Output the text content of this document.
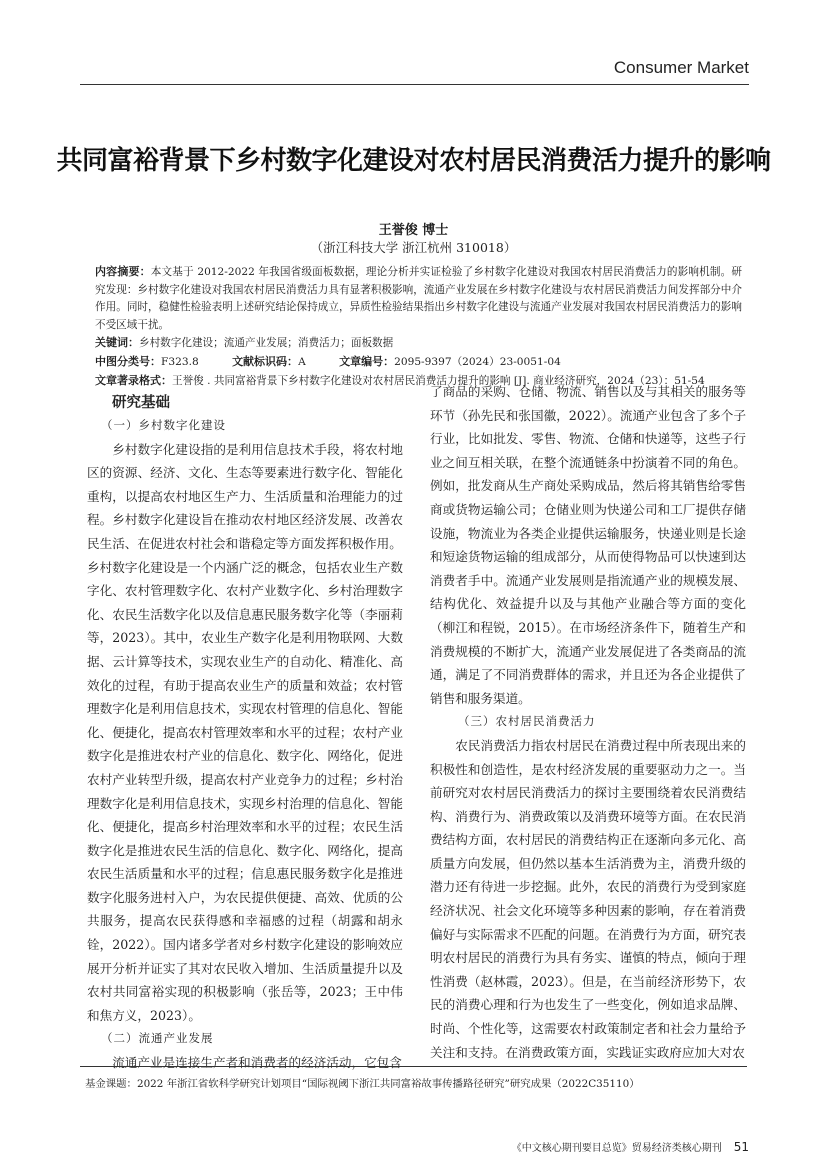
Consumer Market
共同富裕背景下乡村数字化建设对农村居民消费活力提升的影响
王誉俊 博士
（浙江科技大学 浙江杭州 310018）
内容摘要：本文基于 2012-2022 年我国省级面板数据，理论分析并实证检验了乡村数字化建设对我国农村居民消费活力的影响机制。研究发现：乡村数字化建设对我国农村居民消费活力具有显著积极影响，流通产业发展在乡村数字化建设与农村居民消费活力间发挥部分中介作用。同时，稳健性检验表明上述研究结论保持成立，异质性检验结果指出乡村数字化建设与流通产业发展对我国农村居民消费活力的影响不受区域干扰。
关键词：乡村数字化建设；流通产业发展；消费活力；面板数据
中图分类号：F323.8	文献标识码：A	文章编号：2095-9397（2024）23-0051-04
文章著录格式：王誉俊 . 共同富裕背景下乡村数字化建设对农村居民消费活力提升的影响 [J]. 商业经济研究，2024（23）：51-54
研究基础
（一）乡村数字化建设

乡村数字化建设指的是利用信息技术手段，将农村地区的资源、经济、文化、生态等要素进行数字化、智能化重构，以提高农村地区生产力、生活质量和治理能力的过程。乡村数字化建设旨在推动农村地区经济发展、改善农民生活、在促进农村社会和谐稳定等方面发挥积极作用。

乡村数字化建设是一个内涵广泛的概念，包括农业生产数字化、农村管理数字化、农村产业数字化、乡村治理数字化、农民生活数字化以及信息惠民服务数字化等（李丽莉等，2023）。其中，农业生产数字化是利用物联网、大数据、云计算等技术，实现农业生产的自动化、精准化、高效化的过程，有助于提高农业生产的质量和效益；农村管理数字化是利用信息技术，实现农村管理的信息化、智能化、便捷化，提高农村管理效率和水平的过程；农村产业数字化是推进农村产业的信息化、数字化、网络化，促进农村产业转型升级，提高农村产业竞争力的过程；乡村治理数字化是利用信息技术，实现乡村治理的信息化、智能化、便捷化，提高乡村治理效率和水平的过程；农民生活数字化是推进农民生活的信息化、数字化、网络化，提高农民生活质量和水平的过程；信息惠民服务数字化是推进数字化服务进村入户，为农民提供便捷、高效、优质的公共服务，提高农民获得感和幸福感的过程（胡露和胡永铨，2022）。国内诸多学者对乡村数字化建设的影响效应展开分析并证实了其对农民收入增加、生活质量提升以及农村共同富裕实现的积极影响（张岳等，2023；王中伟和焦方义，2023）。

（二）流通产业发展

流通产业是连接生产者和消费者的经济活动，它包含

了商品的采购、仓储、物流、销售以及与其相关的服务等环节（孙先民和张国徽，2022）。流通产业包含了多个子行业，比如批发、零售、物流、仓储和快递等，这些子行业之间互相关联，在整个流通链条中扮演着不同的角色。例如，批发商从生产商处采购成品，然后将其销售给零售商或货物运输公司；仓储业则为快递公司和工厂提供存储设施，物流业为各类企业提供运输服务，快递业则是长途和短途货物运输的组成部分，从而使得物品可以快速到达消费者手中。流通产业发展则是指流通产业的规模发展、结构优化、效益提升以及与其他产业融合等方面的变化（柳江和程锐，2015）。在市场经济条件下，随着生产和消费规模的不断扩大，流通产业发展促进了各类商品的流通，满足了不同消费群体的需求，并且还为各企业提供了销售和服务渠道。

（三）农村居民消费活力

农民消费活力指农村居民在消费过程中所表现出来的积极性和创造性，是农村经济发展的重要驱动力之一。当前研究对农村居民消费活力的探讨主要围绕着农民消费结构、消费行为、消费政策以及消费环境等方面。在农民消费结构方面，农村居民的消费结构正在逐渐向多元化、高质量方向发展，但仍然以基本生活消费为主，消费升级的潜力还有待进一步挖掘。此外，农民的消费行为受到家庭经济状况、社会文化环境等多种因素的影响，存在着消费偏好与实际需求不匹配的问题。在消费行为方面，研究表明农村居民的消费行为具有务实、谨慎的特点，倾向于理性消费（赵林霞，2023）。但是，在当前经济形势下，农民的消费心理和行为也发生了一些变化，例如追求品牌、时尚、个性化等，这需要农村政策制定者和社会力量给予关注和支持。在消费政策方面，实践证实政府应加大对农

基金课题：2022 年浙江省软科学研究计划项目“国际视阈下浙江共同富裕故事传播路径研究”研究成果（2022C35110）
《中文核心期刊要目总览》贸易经济类核心期刊 51
